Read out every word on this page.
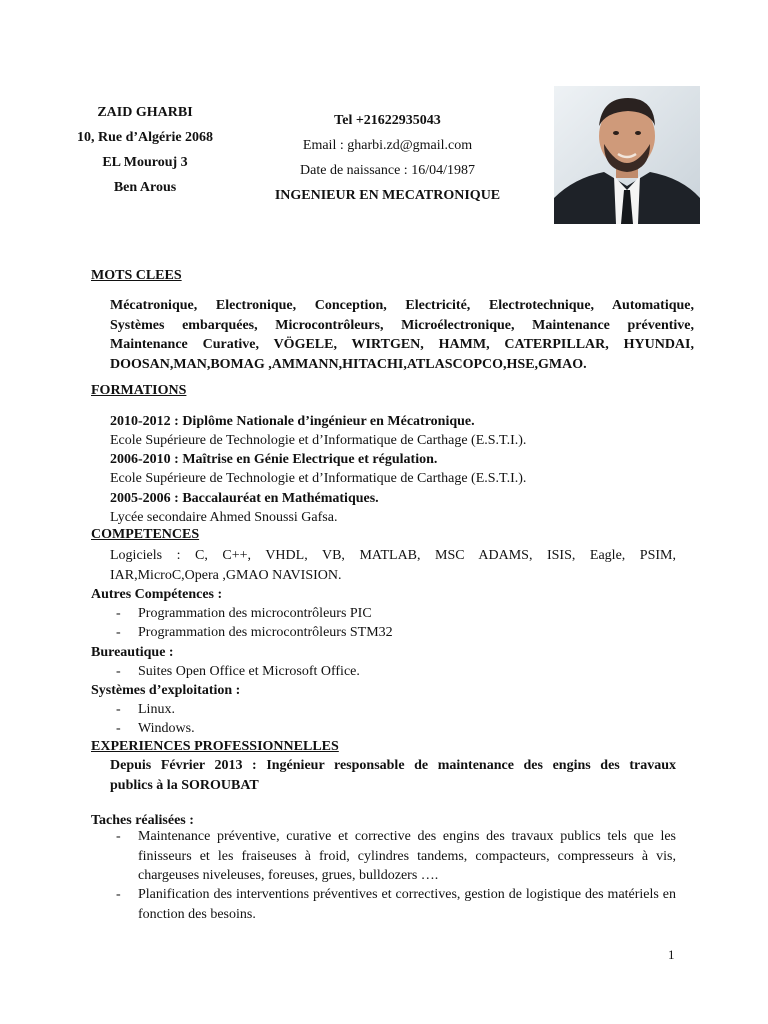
ZAID GHARBI
10, Rue d’Algérie 2068
EL Mourouj 3
Ben Arous
Tel +21622935043
Email : gharbi.zd@gmail.com
Date de naissance : 16/04/1987
INGENIEUR EN MECATRONIQUE
MOTS CLEES
Mécatronique, Electronique, Conception, Electricité, Electrotechnique, Automatique,
Systèmes embarquées, Microcontrôleurs, Microélectronique, Maintenance préventive,
Maintenance Curative, VÖGELE, WIRTGEN, HAMM, CATERPILLAR, HYUNDAI,
DOOSAN,MAN,BOMAG ,AMMANN,HITACHI,ATLASCOPCO,HSE,GMAO.
FORMATIONS
2010-2012 : Diplôme Nationale d’ingénieur en Mécatronique.
Ecole Supérieure de Technologie et d’Informatique de Carthage (E.S.T.I.).
2006-2010 : Maîtrise en Génie Electrique et régulation.
Ecole Supérieure de Technologie et d’Informatique de Carthage (E.S.T.I.).
2005-2006 : Baccalauréat en Mathématiques.
Lycée secondaire Ahmed Snoussi Gafsa.
COMPETENCES
Logiciels : C, C++, VHDL, VB, MATLAB, MSC ADAMS, ISIS, Eagle, PSIM,
IAR,MicroC,Opera ,GMAO NAVISION.
Autres Compétences :
- Programmation des microcontrôleurs PIC
- Programmation des microcontrôleurs STM32
Bureautique :
- Suites Open Office et Microsoft Office.
Systèmes d’exploitation :
- Linux.
- Windows.
EXPERIENCES PROFESSIONNELLES
Depuis Février 2013 : Ingénieur responsable de maintenance des engins des travaux
publics à la SOROUBAT
Taches réalisées :
- Maintenance préventive, curative et corrective des engins des travaux publics tels que les finisseurs et les fraiseuses à froid, cylindres tandems, compacteurs, compresseurs à vis, chargeuses niveleuses, foreuses, grues, bulldozers ….
- Planification des interventions préventives et correctives, gestion de logistique des matériels en fonction des besoins.
1
